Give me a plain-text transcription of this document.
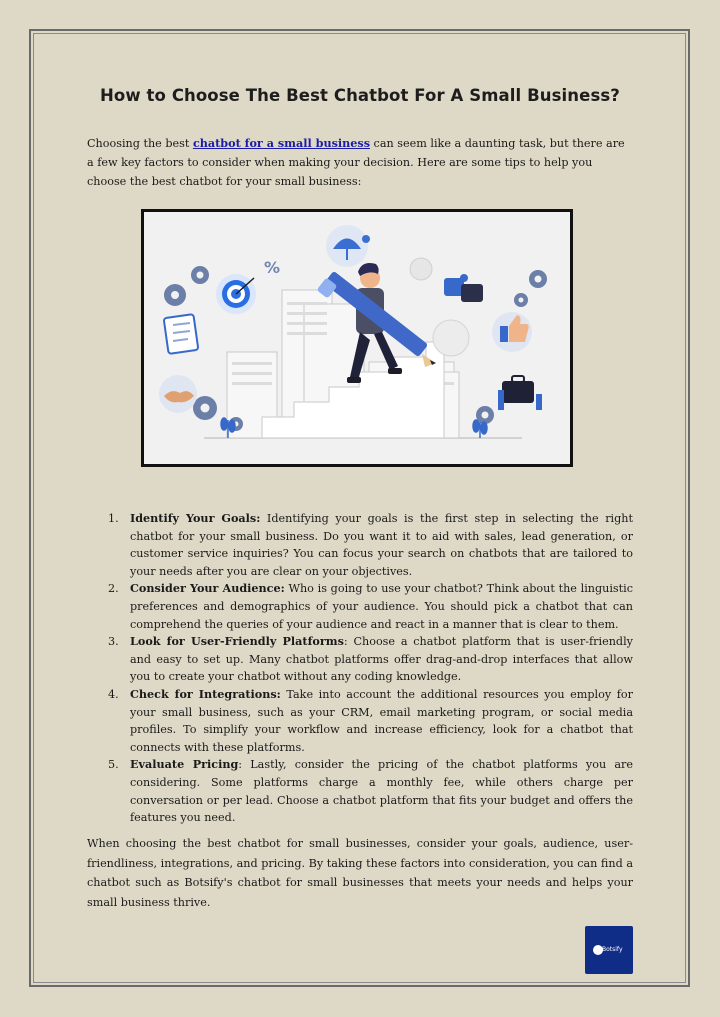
How to Choose The Best Chatbot For A Small Business?

Choosing the best chatbot for a small business can seem like a daunting task, but there are a few key factors to consider when making your decision. Here are some tips to help you choose the best chatbot for your small business:

%
1. Identify Your Goals: Identifying your goals is the first step in selecting the right chatbot for your small business. Do you want it to aid with sales, lead generation, or customer service inquiries? You can focus your search on chatbots that are tailored to your needs after you are clear on your objectives.
2. Consider Your Audience: Who is going to use your chatbot? Think about the linguistic preferences and demographics of your audience. You should pick a chatbot that can comprehend the queries of your audience and react in a manner that is clear to them.
3. Look for User-Friendly Platforms: Choose a chatbot platform that is user-friendly and easy to set up. Many chatbot platforms offer drag-and-drop interfaces that allow you to create your chatbot without any coding knowledge.
4. Check for Integrations: Take into account the additional resources you employ for your small business, such as your CRM, email marketing program, or social media profiles. To simplify your workflow and increase efficiency, look for a chatbot that connects with these platforms.
5. Evaluate Pricing: Lastly, consider the pricing of the chatbot platforms you are considering. Some platforms charge a monthly fee, while others charge per conversation or per lead. Choose a chatbot platform that fits your budget and offers the features you need.

When choosing the best chatbot for small businesses, consider your goals, audience, user-friendliness, integrations, and pricing. By taking these factors into consideration, you can find a chatbot such as Botsify's chatbot for small businesses that meets your needs and helps your small business thrive.

Botsify
